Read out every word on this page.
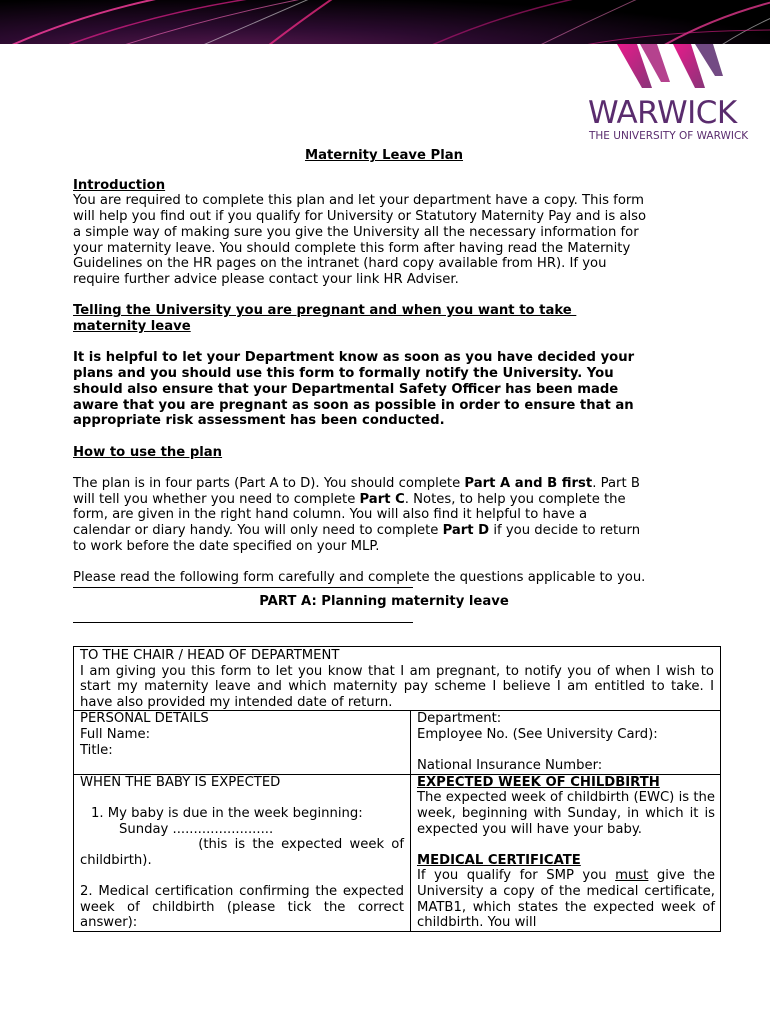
WARWICK
THE UNIVERSITY OF WARWICK

Maternity Leave Plan

Introduction

You are required to complete this plan and let your department have a copy. This form

will help you find out if you qualify for University or Statutory Maternity Pay and is also

a simple way of making sure you give the University all the necessary information for

your maternity leave. You should complete this form after having read the Maternity

Guidelines on the HR pages on the intranet (hard copy available from HR). If you

require further advice please contact your link HR Adviser.

Telling the University you are pregnant and when you want to take

maternity leave

It is helpful to let your Department know as soon as you have decided your

plans and you should use this form to formally notify the University. You

should also ensure that your Departmental Safety Officer has been made

aware that you are pregnant as soon as possible in order to ensure that an

appropriate risk assessment has been conducted.

How to use the plan

The plan is in four parts (Part A to D). You should complete Part A and B first. Part B

will tell you whether you need to complete Part C. Notes, to help you complete the

form, are given in the right hand column. You will also find it helpful to have a

calendar or diary handy. You will only need to complete Part D if you decide to return

to work before the date specified on your MLP.

Please read the following form carefully and complete the questions applicable to you.

PART A: Planning maternity leave

TO THE CHAIR / HEAD OF DEPARTMENT
I am giving you this form to let you know that I am pregnant, to notify you of when I wish to start my maternity leave and which maternity pay scheme I believe I am entitled to take. I have also provided my intended date of return.
PERSONAL DETAILS
Full Name:
Title:
Department:
Employee No. (See University Card):
National Insurance Number:
WHEN THE BABY IS EXPECTED
1. My baby is due in the week beginning:
Sunday ........................
(this is the expected week of
childbirth).
2. Medical certification confirming the expected week of childbirth (please tick the correct answer):
EXPECTED WEEK OF CHILDBIRTH
The expected week of childbirth (EWC) is the week, beginning with Sunday, in which it is expected you will have your baby.
MEDICAL CERTIFICATE
If you qualify for SMP you must give the University a copy of the medical certificate, MATB1, which states the expected week of childbirth. You will
